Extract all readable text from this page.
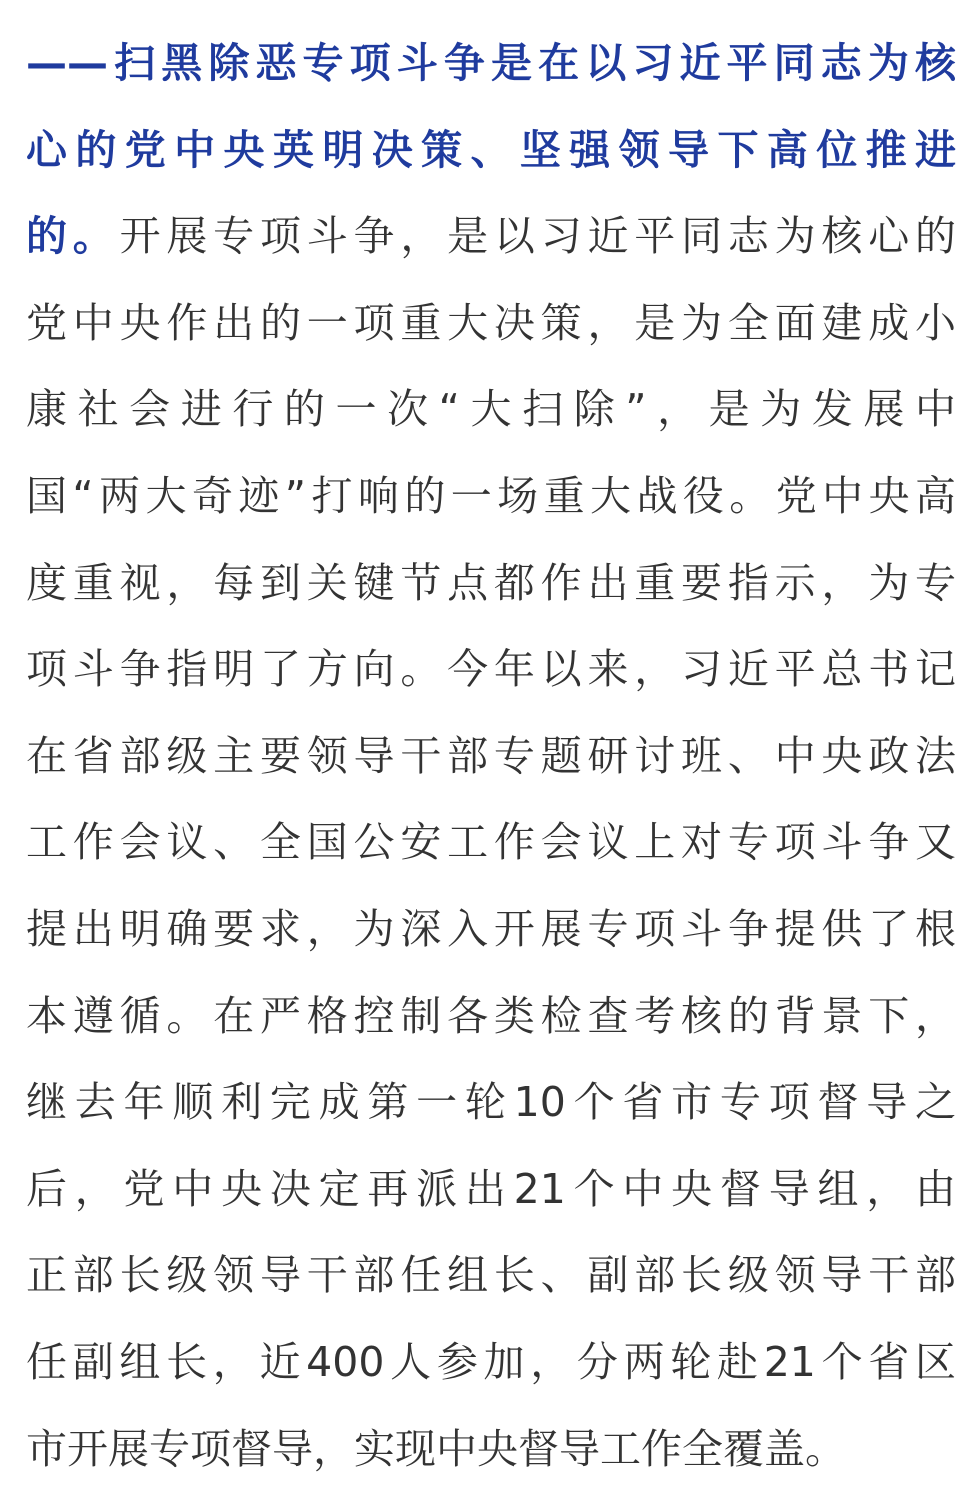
——扫黑除恶专项斗争是在以习近平同志为核
心的党中央英明决策、坚强领导下高位推进
的。开展专项斗争，是以习近平同志为核心的
党中央作出的一项重大决策，是为全面建成小
康社会进行的一次“大扫除”，是为发展中
国“两大奇迹”打响的一场重大战役。党中央高
度重视，每到关键节点都作出重要指示，为专
项斗争指明了方向。今年以来，习近平总书记
在省部级主要领导干部专题研讨班、中央政法
工作会议、全国公安工作会议上对专项斗争又
提出明确要求，为深入开展专项斗争提供了根
本遵循。在严格控制各类检查考核的背景下，
继去年顺利完成第一轮10个省市专项督导之
后，党中央决定再派出21个中央督导组，由
正部长级领导干部任组长、副部长级领导干部
任副组长，近400人参加，分两轮赴21个省区
市开展专项督导，实现中央督导工作全覆盖。
